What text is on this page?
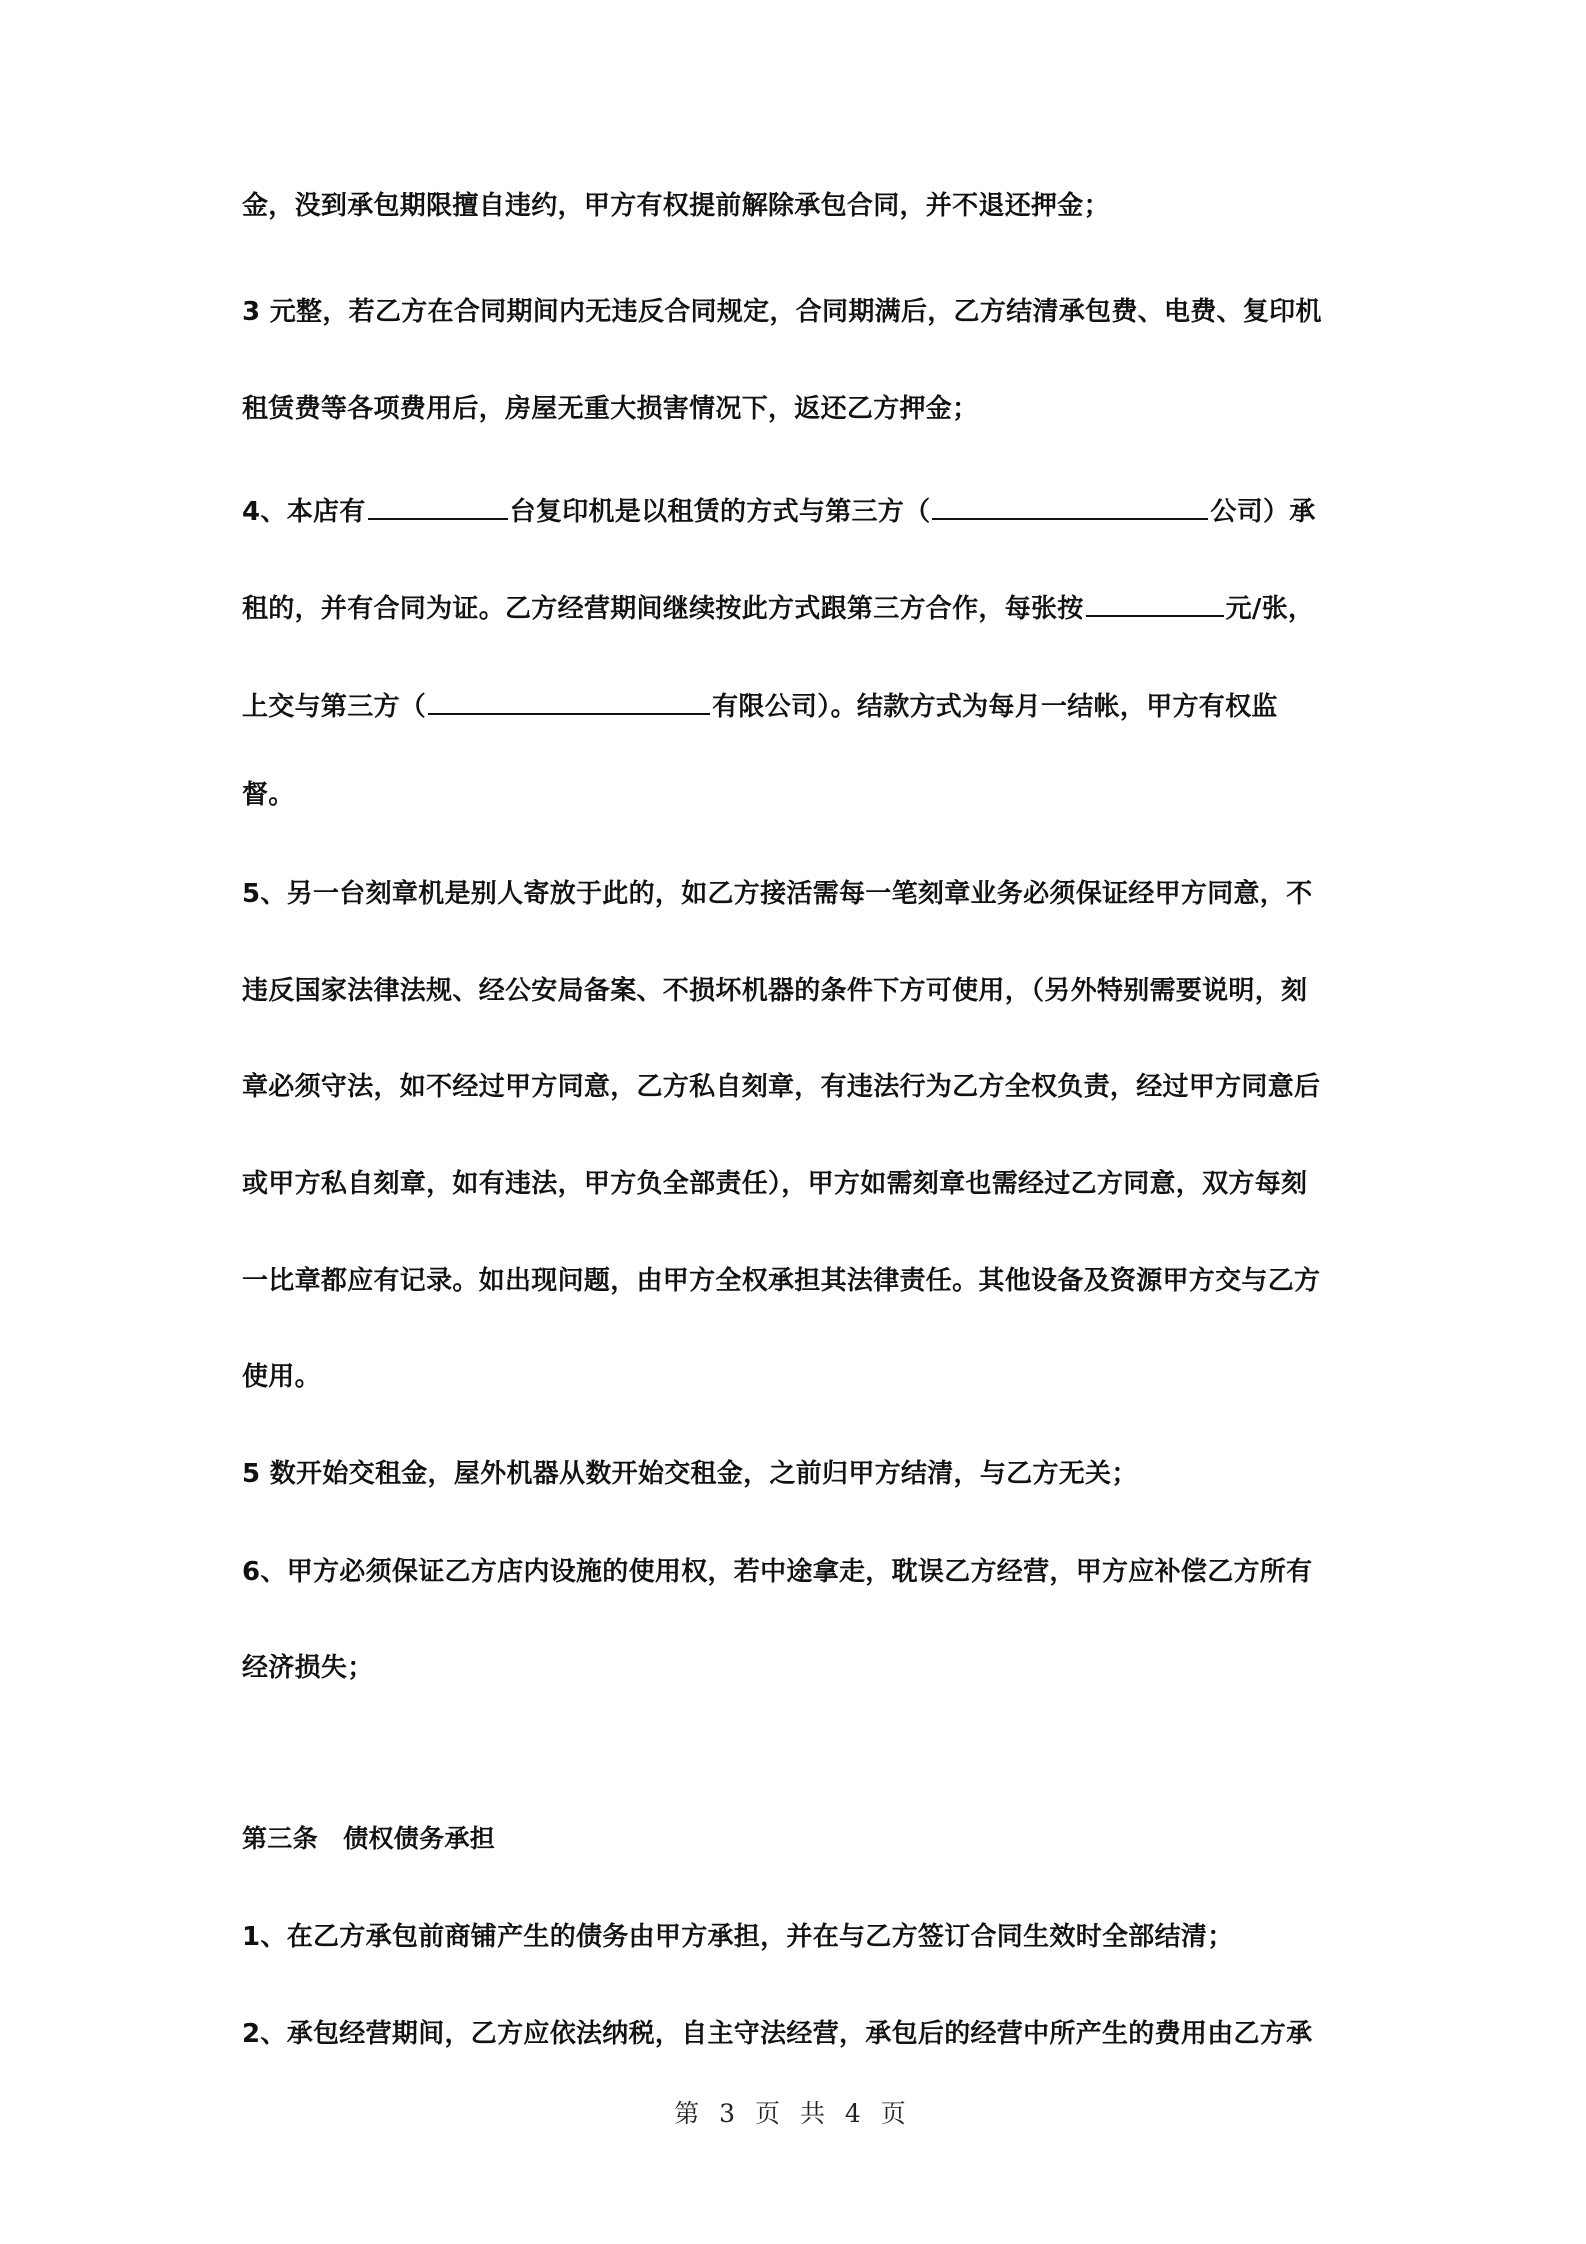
金，没到承包期限擅自违约，甲方有权提前解除承包合同，并不退还押金；
3 元整，若乙方在合同期间内无违反合同规定，合同期满后，乙方结清承包费、电费、复印机
租赁费等各项费用后，房屋无重大损害情况下，返还乙方押金；
4、本店有	台复印机是以租赁的方式与第三方（	公司）承
租的，并有合同为证。乙方经营期间继续按此方式跟第三方合作，每张按	元/张，
上交与第三方（	有限公司）。结款方式为每月一结帐，甲方有权监
督。
5、另一台刻章机是别人寄放于此的，如乙方接活需每一笔刻章业务必须保证经甲方同意，不
违反国家法律法规、经公安局备案、不损坏机器的条件下方可使用，（另外特别需要说明，刻
章必须守法，如不经过甲方同意，乙方私自刻章，有违法行为乙方全权负责，经过甲方同意后
或甲方私自刻章，如有违法，甲方负全部责任），甲方如需刻章也需经过乙方同意，双方每刻
一比章都应有记录。如出现问题，由甲方全权承担其法律责任。其他设备及资源甲方交与乙方
使用。
5 数开始交租金，屋外机器从数开始交租金，之前归甲方结清，与乙方无关；
6、甲方必须保证乙方店内设施的使用权，若中途拿走，耽误乙方经营，甲方应补偿乙方所有
经济损失；
第三条　债权债务承担
1、在乙方承包前商铺产生的债务由甲方承担，并在与乙方签订合同生效时全部结清；
2、承包经营期间，乙方应依法纳税，自主守法经营，承包后的经营中所产生的费用由乙方承
第 3 页 共 4 页
